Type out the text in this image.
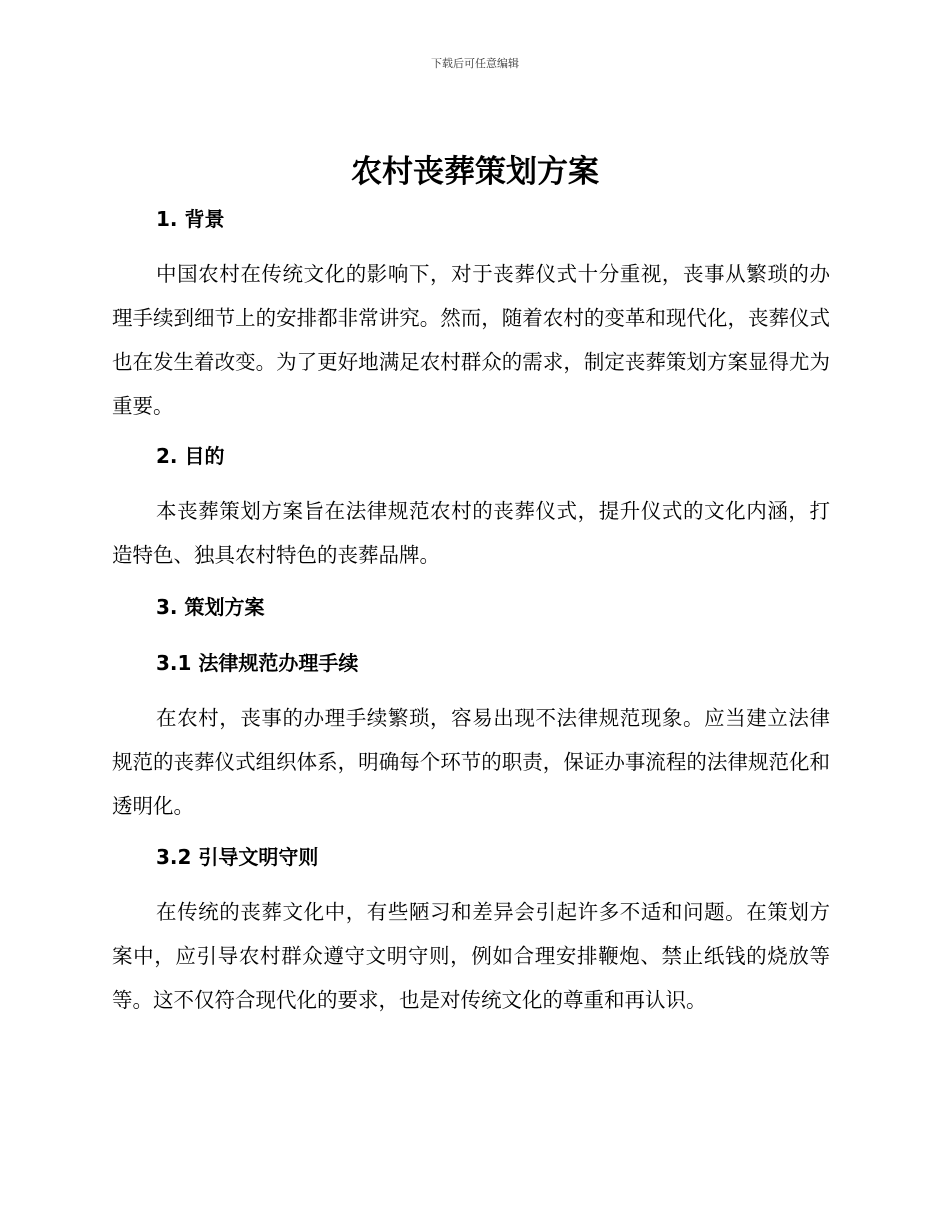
下载后可任意编辑
农村丧葬策划方案
1. 背景

中国农村在传统文化的影响下，对于丧葬仪式十分重视，丧事从繁琐的办理手续到细节上的安排都非常讲究。然而，随着农村的变革和现代化，丧葬仪式也在发生着改变。为了更好地满足农村群众的需求，制定丧葬策划方案显得尤为重要。

2. 目的

本丧葬策划方案旨在法律规范农村的丧葬仪式，提升仪式的文化内涵，打造特色、独具农村特色的丧葬品牌。

3. 策划方案
3.1 法律规范办理手续

在农村，丧事的办理手续繁琐，容易出现不法律规范现象。应当建立法律规范的丧葬仪式组织体系，明确每个环节的职责，保证办事流程的法律规范化和透明化。

3.2 引导文明守则

在传统的丧葬文化中，有些陋习和差异会引起许多不适和问题。在策划方案中，应引导农村群众遵守文明守则，例如合理安排鞭炮、禁止纸钱的烧放等等。这不仅符合现代化的要求，也是对传统文化的尊重和再认识。
